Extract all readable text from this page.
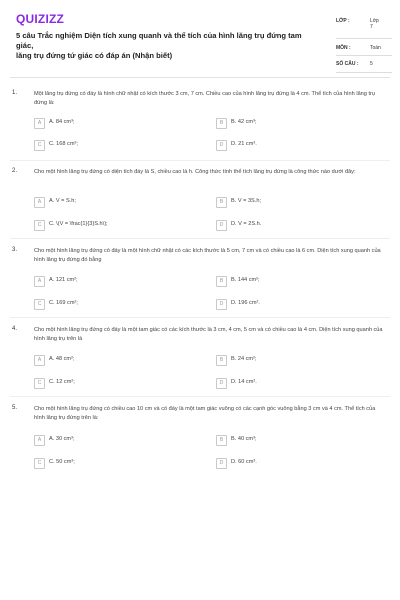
QUIZIZZ
5 câu Trắc nghiệm Diện tích xung quanh và thể tích của hình lăng trụ đứng tam giác,
lăng trụ đứng tứ giác có đáp án (Nhận biết)
LỚP :	Lớp
7
MÔN :	Toán
SỐ CÂU : 5
1.	Một lăng trụ đứng có đáy là hình chữ nhật có kích thước 3 cm, 7 cm. Chiều cao của hình lăng trụ đứng là 4 cm. Thể tích của hình lăng trụ đứng là:
A	A. 84 cm³;	B	B. 42 cm³;
C	C. 168 cm³;	D	D. 21 cm³.
2.	Cho một hình lăng trụ đứng có diện tích đáy là S, chiều cao là h. Công thức tính thể tích lăng trụ đứng là công thức nào dưới đây:
A	A. V = S.h;	B	B. V = 3S.h;
C	C. \(V = \frac{1}{3}S.h\);	D	D. V = 2S.h.
3.	Cho một hình lăng trụ đứng có đáy là một hình chữ nhật có các kích thước là 5 cm, 7 cm và có chiều cao là 6 cm. Diện tích xung quanh của hình lăng trụ đứng đó bằng
A	A. 121 cm²;	B	B. 144 cm²;
C	C. 169 cm²;	D	D. 196 cm².
4.	Cho một hình lăng trụ đứng có đáy là một tam giác có các kích thước là 3 cm, 4 cm, 5 cm và có chiều cao là 4 cm. Diện tích xung quanh của hình lăng trụ trên là
A	A. 48 cm²;	B	B. 24 cm²;
C	C. 12 cm²;	D	D. 14 cm².
5.	Cho một hình lăng trụ đứng có chiều cao 10 cm và có đáy là một tam giác vuông có các cạnh góc vuông bằng 3 cm và 4 cm. Thể tích của hình lăng trụ đứng trên là:
A	A. 30 cm³;	B	B. 40 cm³;
C	C. 50 cm³;	D	D. 60 cm³.
